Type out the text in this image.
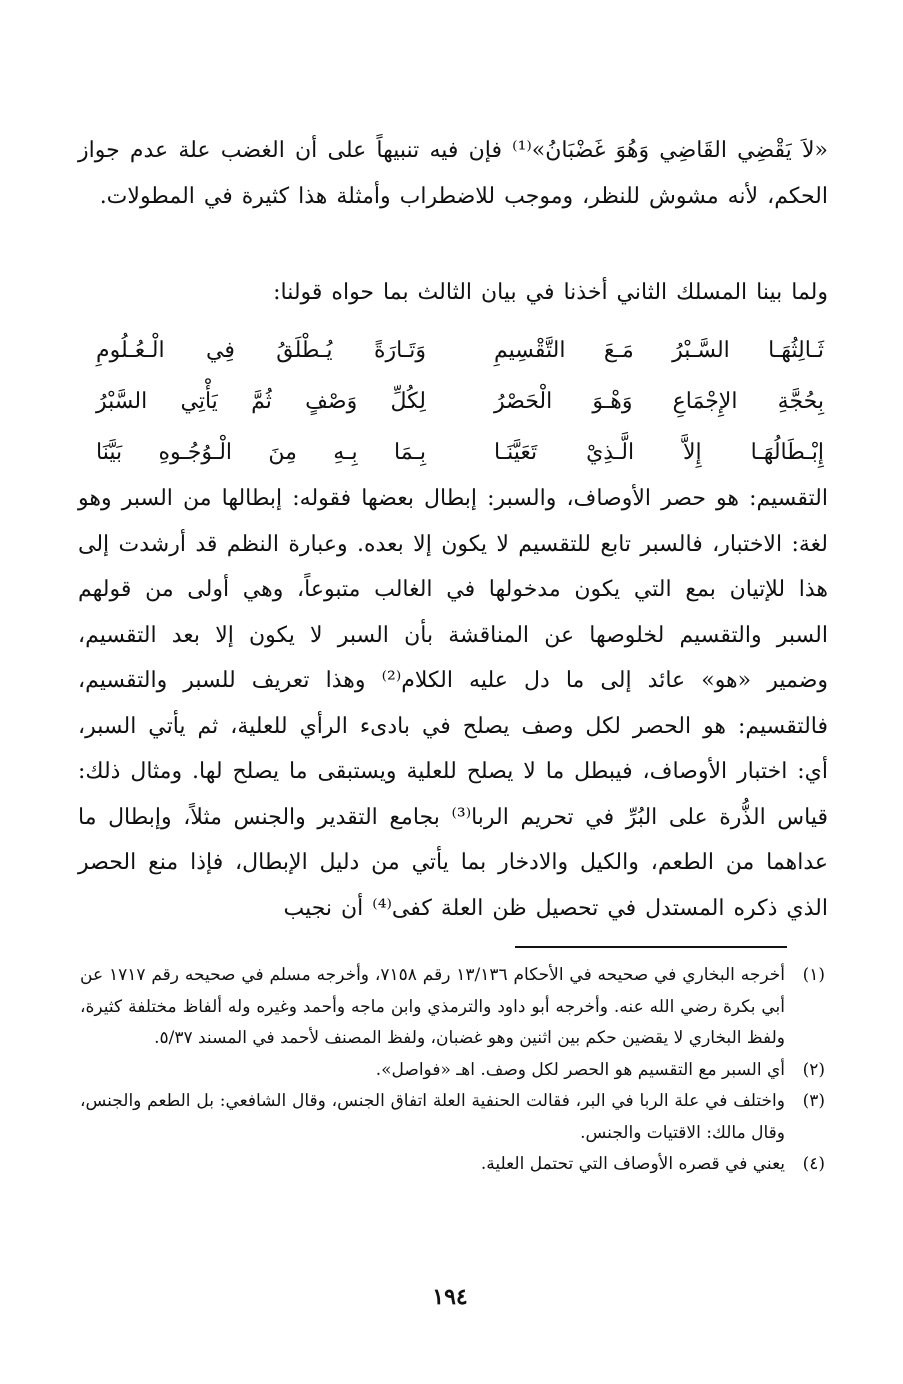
«لاَ يَقْضِي القَاضِي وَهُوَ غَضْبَانُ»⁽¹⁾ فإن فيه تنبيهاً على أن الغضب علة عدم جواز الحكم، لأنه مشوش للنظر، وموجب للاضطراب وأمثلة هذا كثيرة في المطولات.
ولما بينا المسلك الثاني أخذنا في بيان الثالث بما حواه قولنا:
ثَـالِثُهَـا السَّـبْرُ مَـعَ التَّقْسِيمِ
وَتَـارَةً يُـطْلَقُ فِي الْـعُـلُومِ
بِحُجَّةِ الإِجْمَاعِ وَهْـوَ الْحَصْرُ
لِكُلِّ وَصْفٍ ثُمَّ يَأْتِي السَّبْرُ
إِبْـطَالُهَـا إِلاَّ الَّـذِيْ تَعَيَّنَـا
بِـمَا بِـهِ مِنَ الْـوُجُـوهِ بَيَّنَا
التقسيم: هو حصر الأوصاف، والسبر: إبطال بعضها فقوله: إبطالها من السبر وهو لغة: الاختبار، فالسبر تابع للتقسيم لا يكون إلا بعده. وعبارة النظم قد أرشدت إلى هذا للإتيان بمع التي يكون مدخولها في الغالب متبوعاً، وهي أولى من قولهم السبر والتقسيم لخلوصها عن المناقشة بأن السبر لا يكون إلا بعد التقسيم، وضمير «هو» عائد إلى ما دل عليه الكلام⁽²⁾ وهذا تعريف للسبر والتقسيم، فالتقسيم: هو الحصر لكل وصف يصلح في بادىء الرأي للعلية، ثم يأتي السبر، أي: اختبار الأوصاف، فيبطل ما لا يصلح للعلية ويستبقى ما يصلح لها. ومثال ذلك: قياس الذُّرة على البُرِّ في تحريم الربا⁽³⁾ بجامع التقدير والجنس مثلاً، وإبطال ما عداهما من الطعم، والكيل والادخار بما يأتي من دليل الإبطال، فإذا منع الحصر الذي ذكره المستدل في تحصيل ظن العلة كفى⁽⁴⁾ أن نجيب
(١)
أخرجه البخاري في صحيحه في الأحكام ١٣/١٣٦ رقم ٧١٥٨، وأخرجه مسلم في صحيحه رقم ١٧١٧ عن أبي بكرة رضي الله عنه. وأخرجه أبو داود والترمذي وابن ماجه وأحمد وغيره وله ألفاظ مختلفة كثيرة، ولفظ البخاري لا يقضين حكم بين اثنين وهو غضبان، ولفظ المصنف لأحمد في المسند ٥/٣٧.
(٢)
أي السبر مع التقسيم هو الحصر لكل وصف. اهـ «فواصل».
(٣)
واختلف في علة الربا في البر، فقالت الحنفية العلة اتفاق الجنس، وقال الشافعي: بل الطعم والجنس، وقال مالك: الاقتيات والجنس.
(٤)
يعني في قصره الأوصاف التي تحتمل العلية.
١٩٤
